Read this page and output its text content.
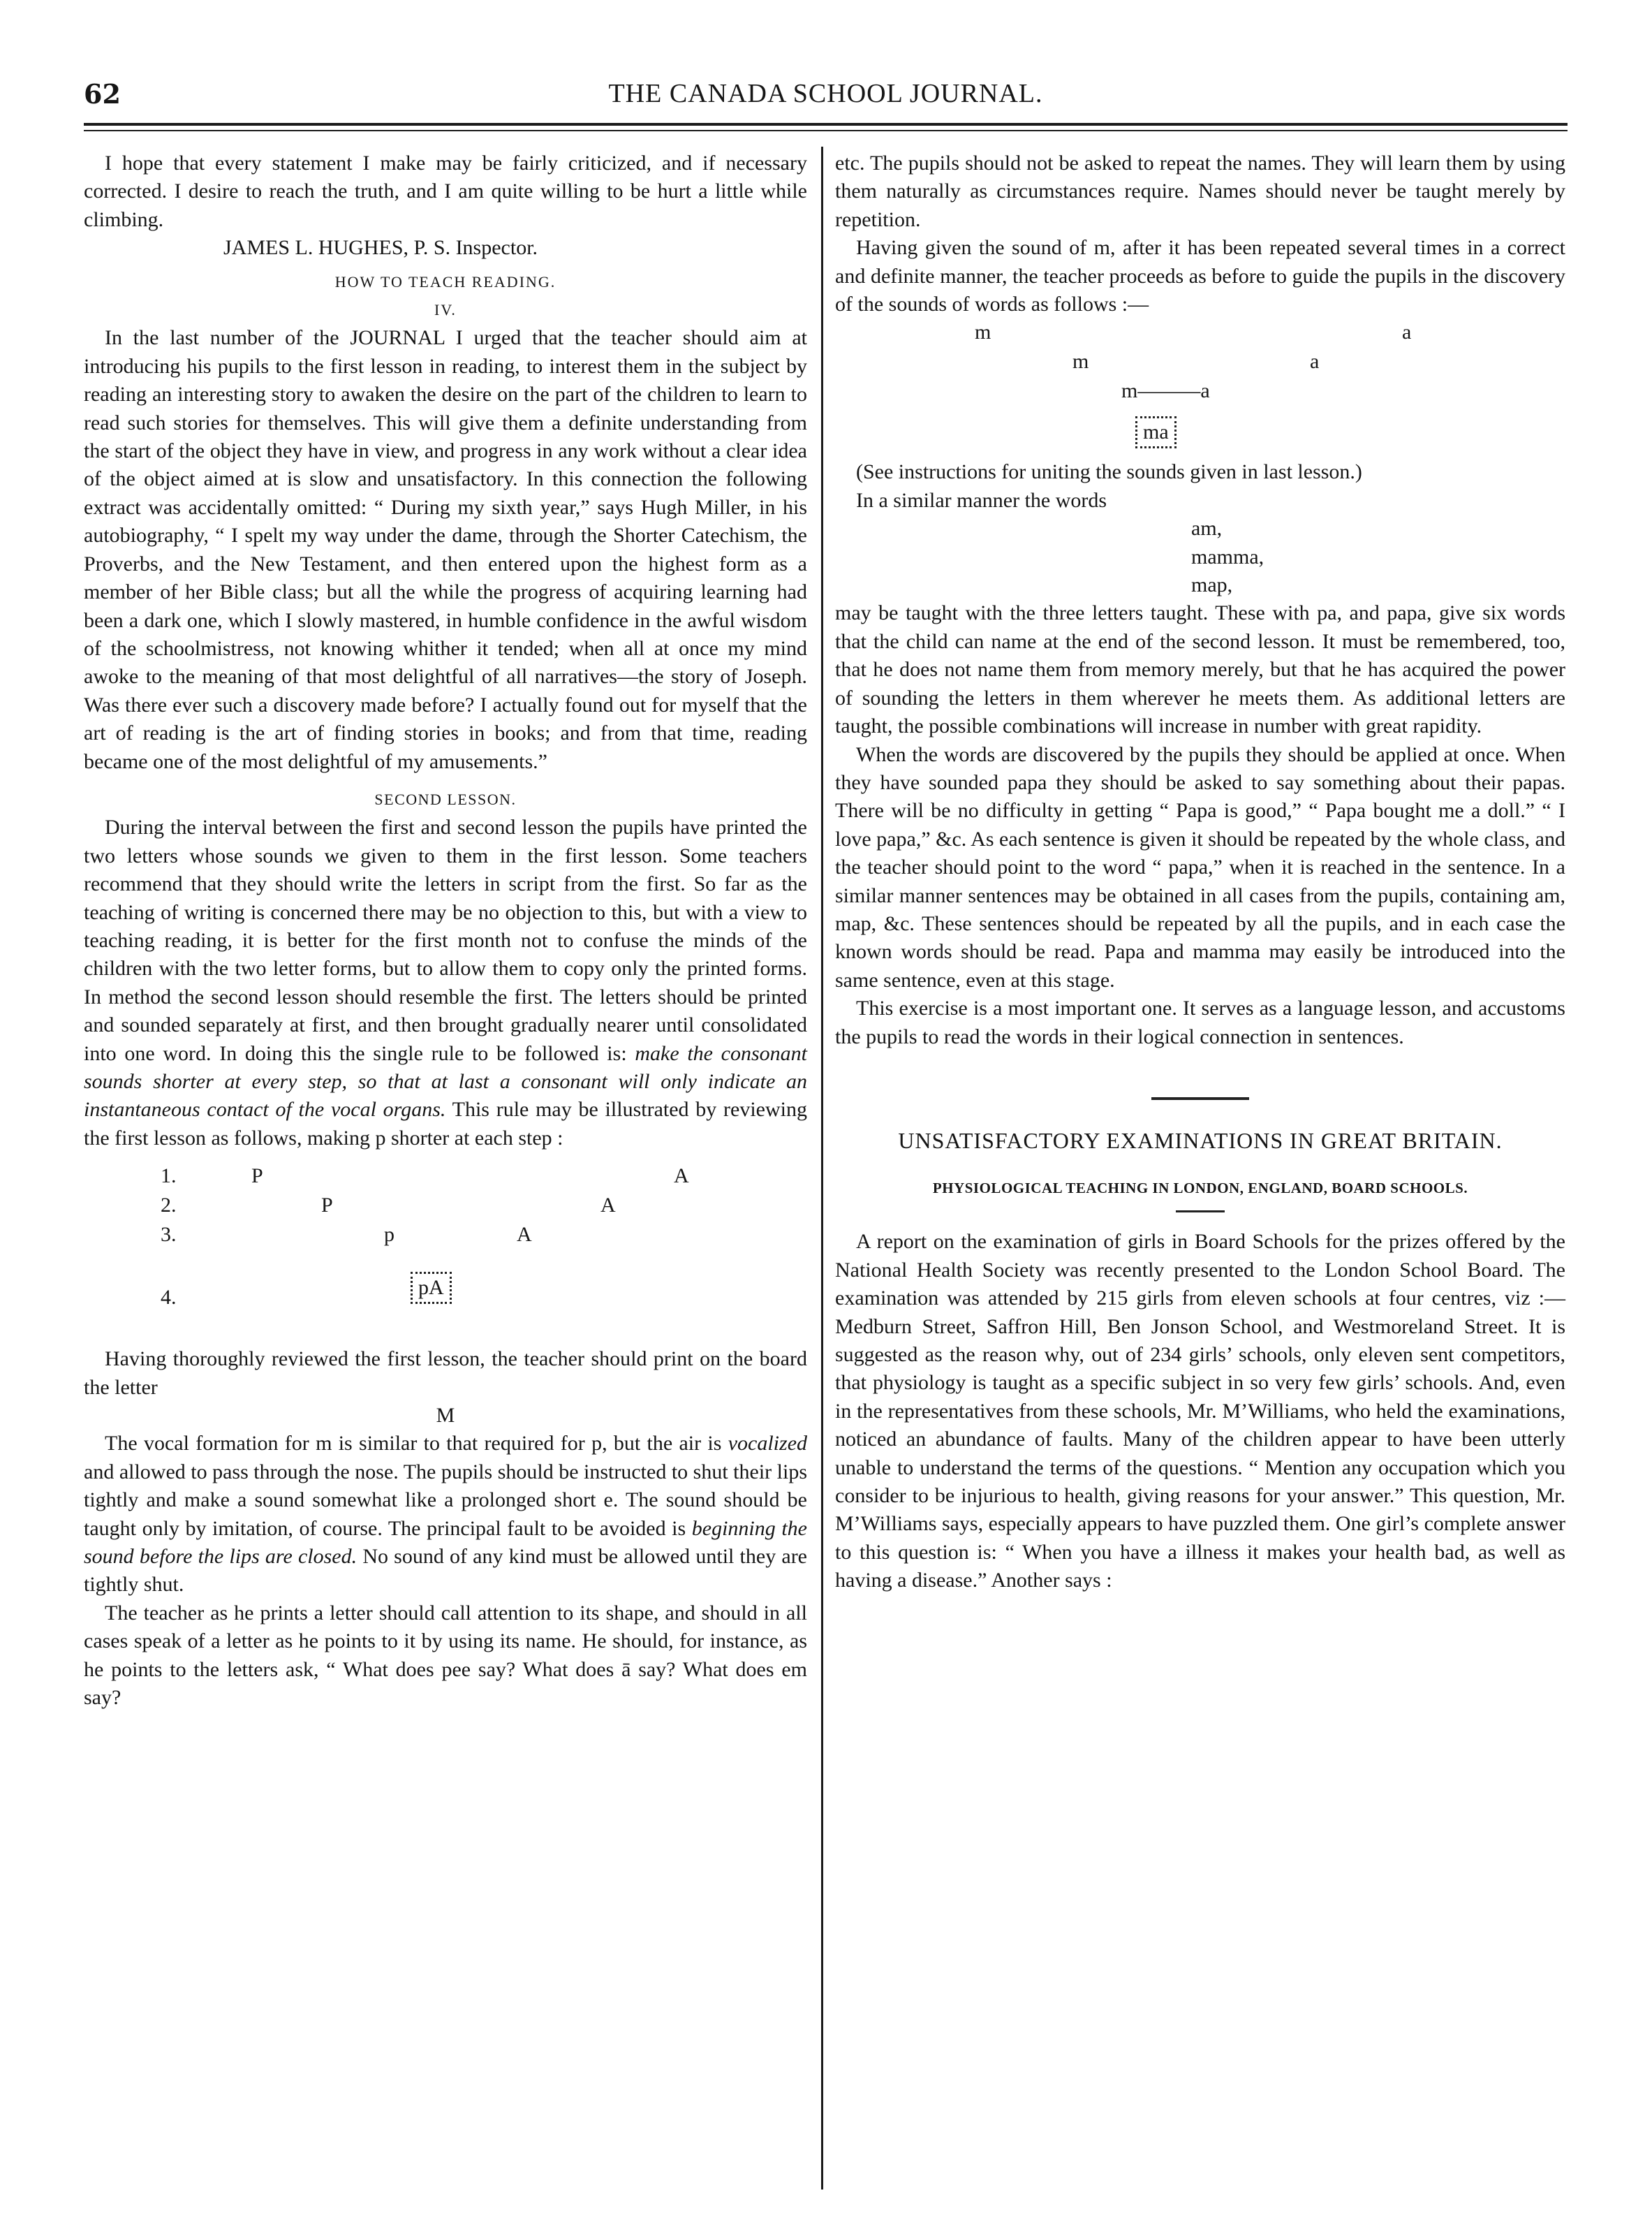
62	THE CANADA SCHOOL JOURNAL.

I hope that every statement I make may be fairly criticized, and if necessary corrected. I desire to reach the truth, and I am quite willing to be hurt a little while climbing.

JAMES L. HUGHES, P. S. Inspector.

HOW TO TEACH READING.

IV.

In the last number of the JOURNAL I urged that the teacher should aim at introducing his pupils to the first lesson in reading, to interest them in the subject by reading an interesting story to awaken the desire on the part of the children to learn to read such stories for themselves. This will give them a definite understanding from the start of the object they have in view, and progress in any work without a clear idea of the object aimed at is slow and unsatisfactory. In this connection the following extract was accidentally omitted: “ During my sixth year,” says Hugh Miller, in his autobiography, “ I spelt my way under the dame, through the Shorter Catechism, the Proverbs, and the New Testament, and then entered upon the highest form as a member of her Bible class; but all the while the progress of acquiring learning had been a dark one, which I slowly mastered, in humble confidence in the awful wisdom of the schoolmistress, not knowing whither it tended; when all at once my mind awoke to the meaning of that most delightful of all narratives—the story of Joseph. Was there ever such a discovery made before? I actually found out for myself that the art of reading is the art of finding stories in books; and from that time, reading became one of the most delightful of my amusements.”

SECOND LESSON.

During the interval between the first and second lesson the pupils have printed the two letters whose sounds we given to them in the first lesson. Some teachers recommend that they should write the letters in script from the first. So far as the teaching of writing is concerned there may be no objection to this, but with a view to teaching reading, it is better for the first month not to confuse the minds of the children with the two letter forms, but to allow them to copy only the printed forms. In method the second lesson should resemble the first. The letters should be printed and sounded separately at first, and then brought gradually nearer until consolidated into one word. In doing this the single rule to be followed is: make the consonant sounds shorter at every step, so that at last a consonant will only indicate an instantaneous contact of the vocal organs. This rule may be illustrated by reviewing the first lesson as follows, making p shorter at each step :

1.	P	A
2.	P	A
3.	p	A
4.	pA

Having thoroughly reviewed the first lesson, the teacher should print on the board the letter

M

The vocal formation for m is similar to that required for p, but the air is vocalized and allowed to pass through the nose. The pupils should be instructed to shut their lips tightly and make a sound somewhat like a prolonged short e. The sound should be taught only by imitation, of course. The principal fault to be avoided is beginning the sound before the lips are closed. No sound of any kind must be allowed until they are tightly shut.

The teacher as he prints a letter should call attention to its shape, and should in all cases speak of a letter as he points to it by using its name. He should, for instance, as he points to the letters ask, “ What does pee say? What does ā say? What does em say?

etc. The pupils should not be asked to repeat the names. They will learn them by using them naturally as circumstances require. Names should never be taught merely by repetition.

Having given the sound of m, after it has been repeated several times in a correct and definite manner, the teacher proceeds as before to guide the pupils in the discovery of the sounds of words as follows :—

m	a
m	a
m———a
ma

(See instructions for uniting the sounds given in last lesson.)

In a similar manner the words

am,

mamma,

map,

may be taught with the three letters taught. These with pa, and papa, give six words that the child can name at the end of the second lesson. It must be remembered, too, that he does not name them from memory merely, but that he has acquired the power of sounding the letters in them wherever he meets them. As additional letters are taught, the possible combinations will increase in number with great rapidity.

When the words are discovered by the pupils they should be applied at once. When they have sounded papa they should be asked to say something about their papas. There will be no difficulty in getting “ Papa is good,” “ Papa bought me a doll.” “ I love papa,” &c. As each sentence is given it should be repeated by the whole class, and the teacher should point to the word “ papa,” when it is reached in the sentence. In a similar manner sentences may be obtained in all cases from the pupils, containing am, map, &c. These sentences should be repeated by all the pupils, and in each case the known words should be read. Papa and mamma may easily be introduced into the same sentence, even at this stage.

This exercise is a most important one. It serves as a language lesson, and accustoms the pupils to read the words in their logical connection in sentences.

UNSATISFACTORY EXAMINATIONS IN GREAT BRITAIN.

PHYSIOLOGICAL TEACHING IN LONDON, ENGLAND, BOARD SCHOOLS.

A report on the examination of girls in Board Schools for the prizes offered by the National Health Society was recently presented to the London School Board. The examination was attended by 215 girls from eleven schools at four centres, viz :—Medburn Street, Saffron Hill, Ben Jonson School, and Westmoreland Street. It is suggested as the reason why, out of 234 girls’ schools, only eleven sent competitors, that physiology is taught as a specific subject in so very few girls’ schools. And, even in the representatives from these schools, Mr. M’Williams, who held the examinations, noticed an abundance of faults. Many of the children appear to have been utterly unable to understand the terms of the questions. “ Mention any occupation which you consider to be injurious to health, giving reasons for your answer.” This question, Mr. M’Williams says, especially appears to have puzzled them. One girl’s complete answer to this question is: “ When you have a illness it makes your health bad, as well as having a disease.” Another says :
